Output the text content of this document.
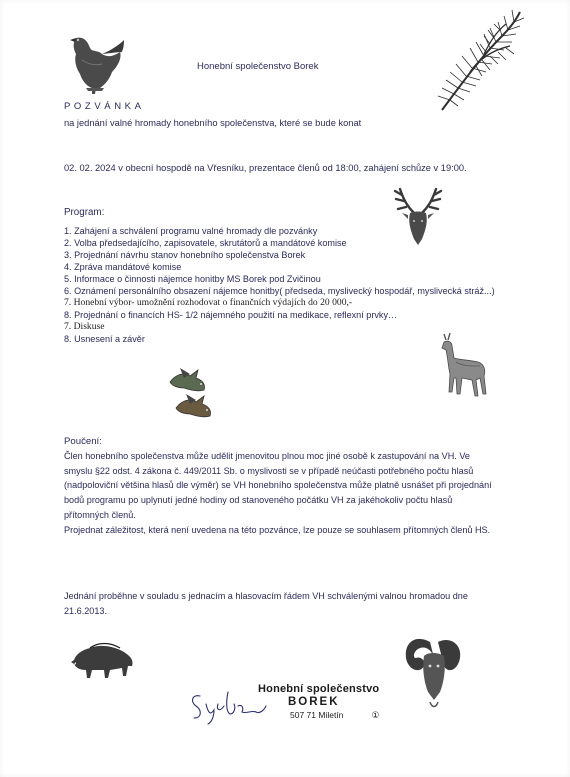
Honební společenstvo Borek
POZVÁNKA
na jednání valné hromady honebního společenstva, které se bude konat
02. 02. 2024 v obecní hospodě na Vřesníku, prezentace členů od 18:00, zahájení schůze v 19:00.
Program:
1. Zahájení a schválení programu valné hromady dle pozvánky
2. Volba předsedajícího, zapisovatele, skrutátorů a mandátové komise
3. Projednání návrhu stanov honebního společenstva Borek
4. Zpráva mandátové komise
5. Informace o činnosti nájemce honitby MS Borek pod Zvičinou
6. Oznámení personálního obsazení nájemce honitby( předseda, myslivecký hospodář, myslivecká stráž...)
7. Honební výbor- umožnění rozhodovat o finančních výdajích do 20 000,-
8. Projednání o financích HS- 1/2 nájemného použití na medikace, reflexní prvky…
7. Diskuse
8. Usnesení a závěr
Poučení:

Člen honebního společenstva může udělit jmenovitou plnou moc jiné osobě k zastupování na VH. Ve smyslu §22 odst. 4 zákona č. 449/2011 Sb. o myslivosti se v případě neúčasti potřebného počtu hlasů (nadpoloviční většina hlasů dle výměr) se VH honebního společenstva může platně usnášet při projednání bodů programu po uplynutí jedné hodiny od stanoveného počátku VH za jakéhokoliv počtu hlasů přítomných členů.

Projednat záležitost, která není uvedena na této pozvánce, lze pouze se souhlasem přítomných členů HS.

Jednání proběhne v souladu s jednacím a hlasovacím řádem VH schválenými valnou hromadou dne 21.6.2013.
Honební společenstvo
BOREK
507 71 Miletín	①
